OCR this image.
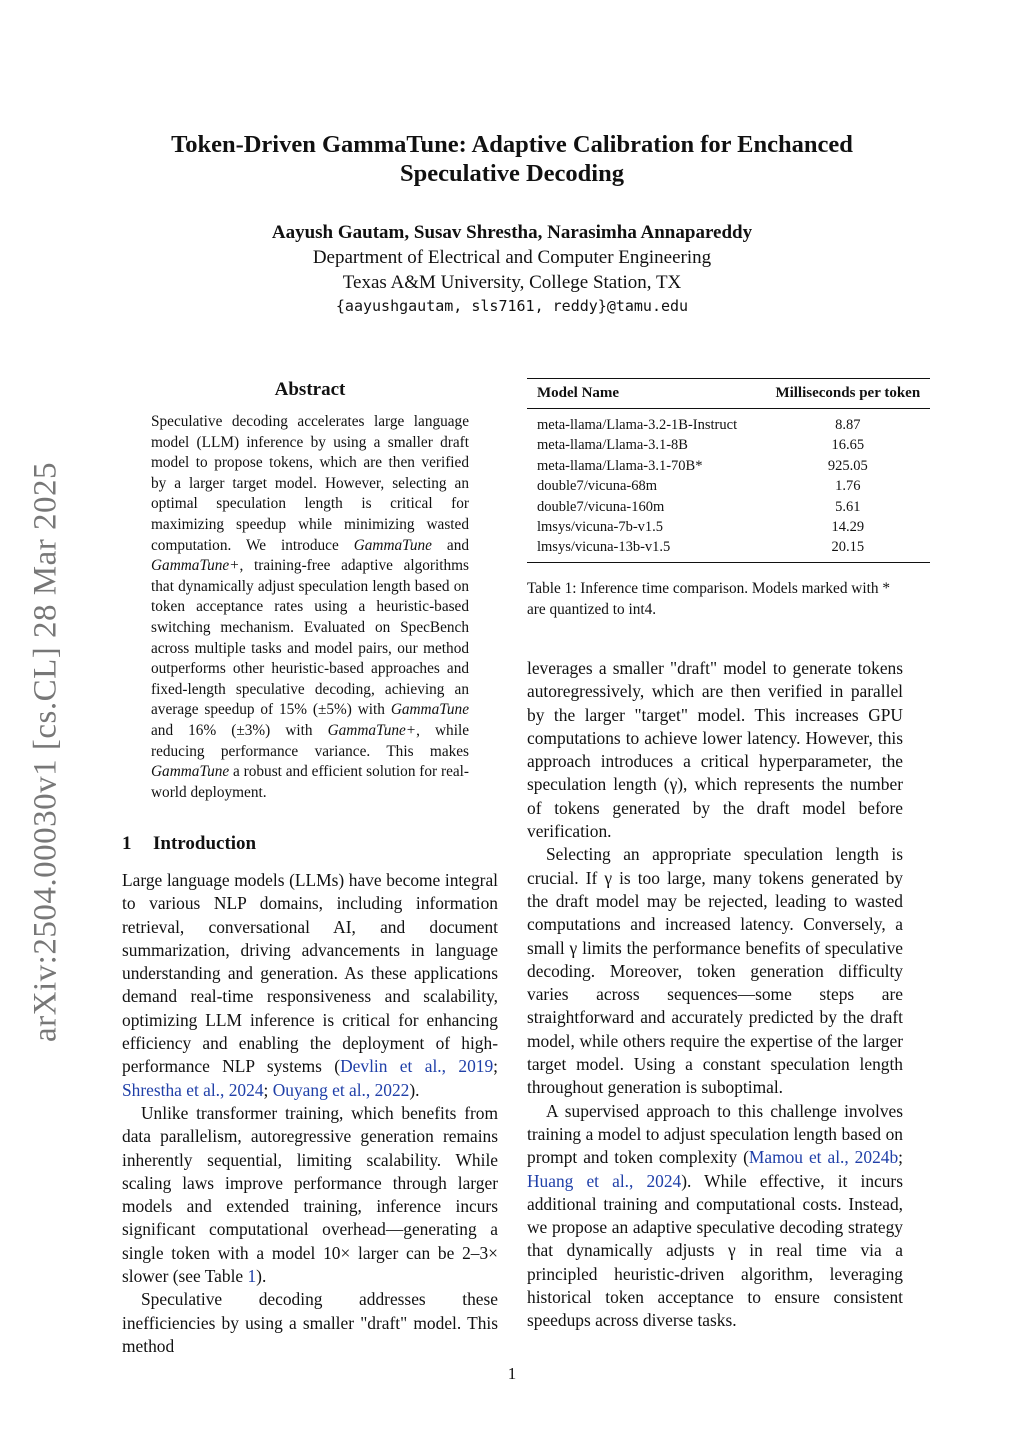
arXiv:2504.00030v1 [cs.CL] 28 Mar 2025
Token-Driven GammaTune: Adaptive Calibration for Enchanced
Speculative Decoding
Aayush Gautam, Susav Shrestha, Narasimha Annapareddy
Department of Electrical and Computer Engineering
Texas A&M University, College Station, TX
{aayushgautam, sls7161, reddy}@tamu.edu
Abstract
Speculative decoding accelerates large language model (LLM) inference by using a smaller draft model to propose tokens, which are then verified by a larger target model. However, selecting an optimal speculation length is critical for maximizing speedup while minimizing wasted computation. We introduce GammaTune and GammaTune+, training-free adaptive algorithms that dynamically adjust speculation length based on token acceptance rates using a heuristic-based switching mechanism. Evaluated on SpecBench across multiple tasks and model pairs, our method outperforms other heuristic-based approaches and fixed-length speculative decoding, achieving an average speedup of 15% (±5%) with GammaTune and 16% (±3%) with GammaTune+, while reducing performance variance. This makes GammaTune a robust and efficient solution for real-world deployment.
1 Introduction

Large language models (LLMs) have become integral to various NLP domains, including information retrieval, conversational AI, and document summarization, driving advancements in language understanding and generation. As these applications demand real-time responsiveness and scalability, optimizing LLM inference is critical for enhancing efficiency and enabling the deployment of high-performance NLP systems (Devlin et al., 2019; Shrestha et al., 2024; Ouyang et al., 2022).

Unlike transformer training, which benefits from data parallelism, autoregressive generation remains inherently sequential, limiting scalability. While scaling laws improve performance through larger models and extended training, inference incurs significant computational overhead—generating a single token with a model 10× larger can be 2–3× slower (see Table 1).

Speculative decoding addresses these inefficiencies by using a smaller "draft" model. This method

Model Name	Milliseconds per token
meta-llama/Llama-3.2-1B-Instruct	8.87
meta-llama/Llama-3.1-8B	16.65
meta-llama/Llama-3.1-70B*	925.05
double7/vicuna-68m	1.76
double7/vicuna-160m	5.61
lmsys/vicuna-7b-v1.5	14.29
lmsys/vicuna-13b-v1.5	20.15
Table 1: Inference time comparison. Models marked with * are quantized to int4.

leverages a smaller "draft" model to generate tokens autoregressively, which are then verified in parallel by the larger "target" model. This increases GPU computations to achieve lower latency. However, this approach introduces a critical hyperparameter, the speculation length (γ), which represents the number of tokens generated by the draft model before verification.

Selecting an appropriate speculation length is crucial. If γ is too large, many tokens generated by the draft model may be rejected, leading to wasted computations and increased latency. Conversely, a small γ limits the performance benefits of speculative decoding. Moreover, token generation difficulty varies across sequences—some steps are straightforward and accurately predicted by the draft model, while others require the expertise of the larger target model. Using a constant speculation length throughout generation is suboptimal.

A supervised approach to this challenge involves training a model to adjust speculation length based on prompt and token complexity (Mamou et al., 2024b; Huang et al., 2024). While effective, it incurs additional training and computational costs. Instead, we propose an adaptive speculative decoding strategy that dynamically adjusts γ in real time via a principled heuristic-driven algorithm, leveraging historical token acceptance to ensure consistent speedups across diverse tasks.

1
